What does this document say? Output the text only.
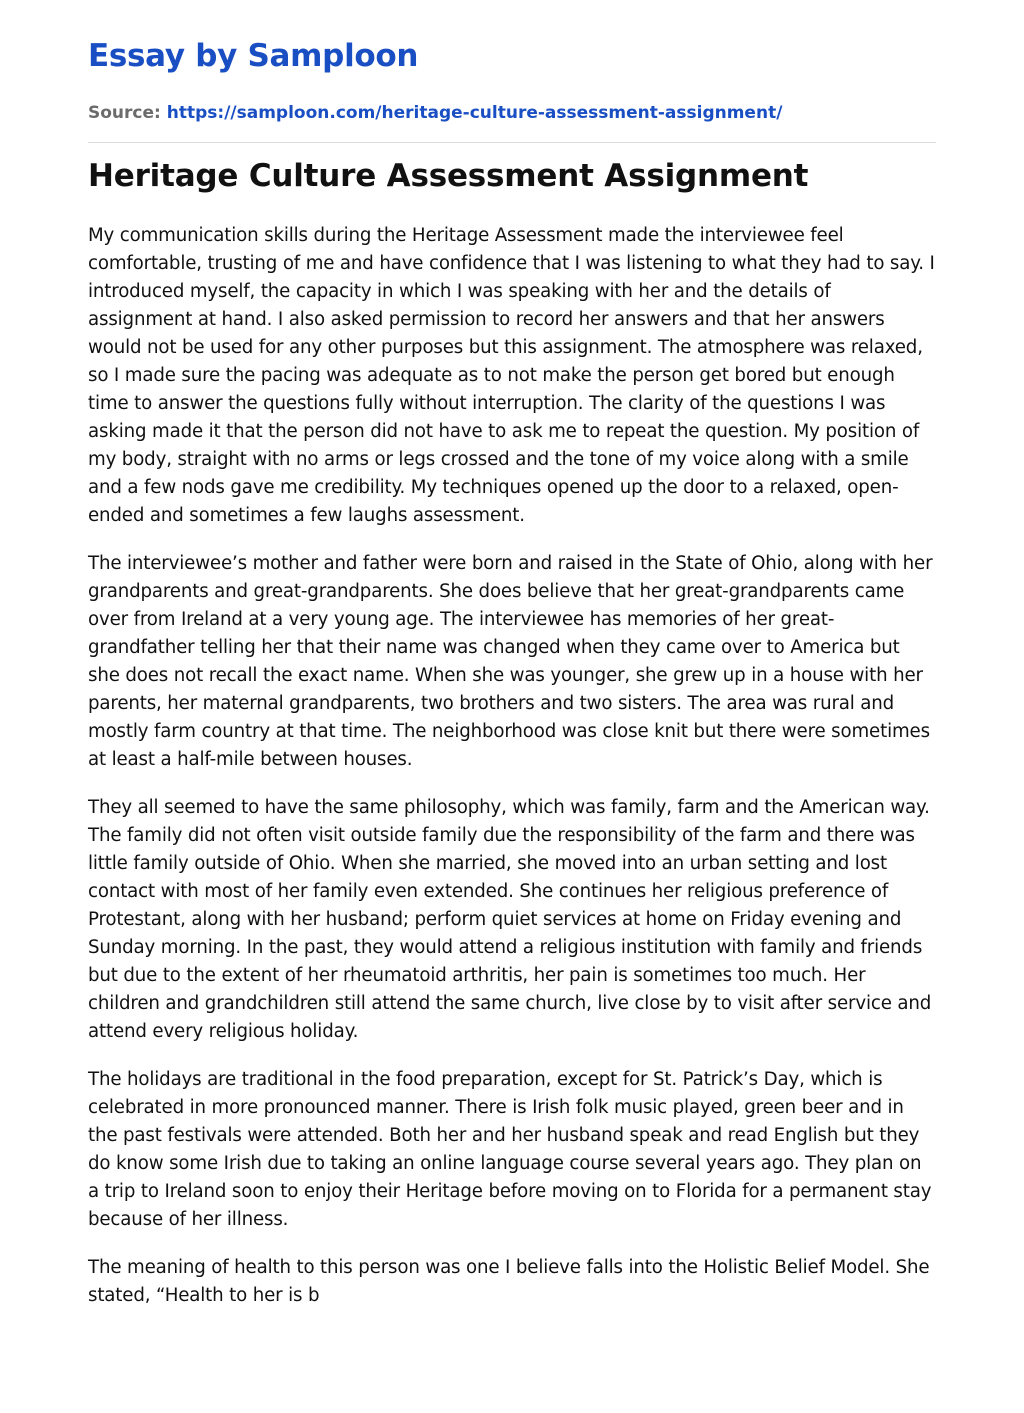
Essay by Samploon
Source: https://samploon.com/heritage-culture-assessment-assignment/
Heritage Culture Assessment Assignment

My communication skills during the Heritage Assessment made the interviewee feel comfortable, trusting of me and have confidence that I was listening to what they had to say. I introduced myself, the capacity in which I was speaking with her and the details of assignment at hand. I also asked permission to record her answers and that her answers would not be used for any other purposes but this assignment. The atmosphere was relaxed, so I made sure the pacing was adequate as to not make the person get bored but enough time to answer the questions fully without interruption. The clarity of the questions I was asking made it that the person did not have to ask me to repeat the question. My position of my body, straight with no arms or legs crossed and the tone of my voice along with a smile and a few nods gave me credibility. My techniques opened up the door to a relaxed, open-ended and sometimes a few laughs assessment.

The interviewee’s mother and father were born and raised in the State of Ohio, along with her grandparents and great-grandparents. She does believe that her great-grandparents came over from Ireland at a very young age. The interviewee has memories of her great-grandfather telling her that their name was changed when they came over to America but she does not recall the exact name. When she was younger, she grew up in a house with her parents, her maternal grandparents, two brothers and two sisters. The area was rural and mostly farm country at that time. The neighborhood was close knit but there were sometimes at least a half-mile between houses.

They all seemed to have the same philosophy, which was family, farm and the American way. The family did not often visit outside family due the responsibility of the farm and there was little family outside of Ohio. When she married, she moved into an urban setting and lost contact with most of her family even extended. She continues her religious preference of Protestant, along with her husband; perform quiet services at home on Friday evening and Sunday morning. In the past, they would attend a religious institution with family and friends but due to the extent of her rheumatoid arthritis, her pain is sometimes too much. Her children and grandchildren still attend the same church, live close by to visit after service and attend every religious holiday.

The holidays are traditional in the food preparation, except for St. Patrick’s Day, which is celebrated in more pronounced manner. There is Irish folk music played, green beer and in the past festivals were attended. Both her and her husband speak and read English but they do know some Irish due to taking an online language course several years ago. They plan on a trip to Ireland soon to enjoy their Heritage before moving on to Florida for a permanent stay because of her illness.

The meaning of health to this person was one I believe falls into the Holistic Belief Model. She stated, “Health to her is b
